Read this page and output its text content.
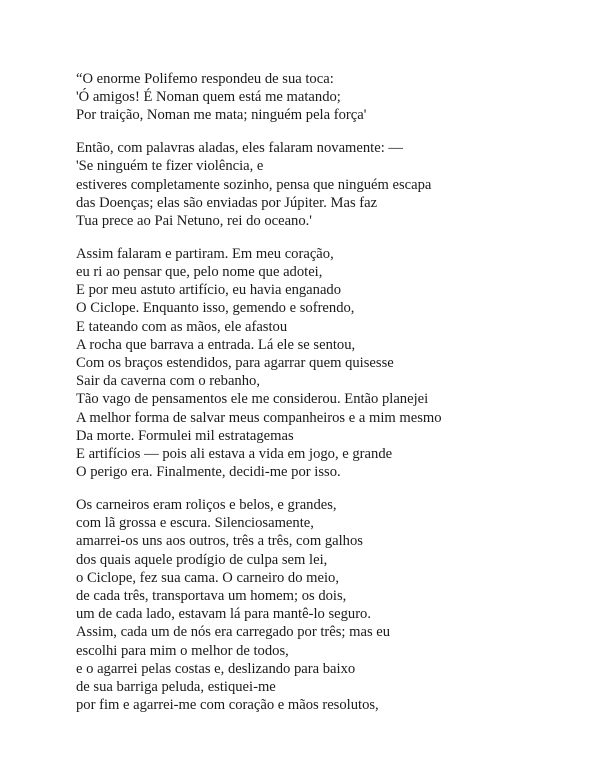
“O enorme Polifemo respondeu de sua toca:
'Ó amigos! É Noman quem está me matando;
Por traição, Noman me mata; ninguém pela força'

Então, com palavras aladas, eles falaram novamente: —
'Se ninguém te fizer violência, e
estiveres completamente sozinho, pensa que ninguém escapa
das Doenças; elas são enviadas por Júpiter. Mas faz
Tua prece ao Pai Netuno, rei do oceano.'

Assim falaram e partiram. Em meu coração,
eu ri ao pensar que, pelo nome que adotei,
E por meu astuto artifício, eu havia enganado
O Ciclope. Enquanto isso, gemendo e sofrendo,
E tateando com as mãos, ele afastou
A rocha que barrava a entrada. Lá ele se sentou,
Com os braços estendidos, para agarrar quem quisesse
Sair da caverna com o rebanho,
Tão vago de pensamentos ele me considerou. Então planejei
A melhor forma de salvar meus companheiros e a mim mesmo
Da morte. Formulei mil estratagemas
E artifícios — pois ali estava a vida em jogo, e grande
O perigo era. Finalmente, decidi-me por isso.

Os carneiros eram roliços e belos, e grandes,
com lã grossa e escura. Silenciosamente,
amarrei-os uns aos outros, três a três, com galhos
dos quais aquele prodígio de culpa sem lei,
o Ciclope, fez sua cama. O carneiro do meio,
de cada três, transportava um homem; os dois,
um de cada lado, estavam lá para mantê-lo seguro.
Assim, cada um de nós era carregado por três; mas eu
escolhi para mim o melhor de todos,
e o agarrei pelas costas e, deslizando para baixo
de sua barriga peluda, estiquei-me
por fim e agarrei-me com coração e mãos resolutos,
